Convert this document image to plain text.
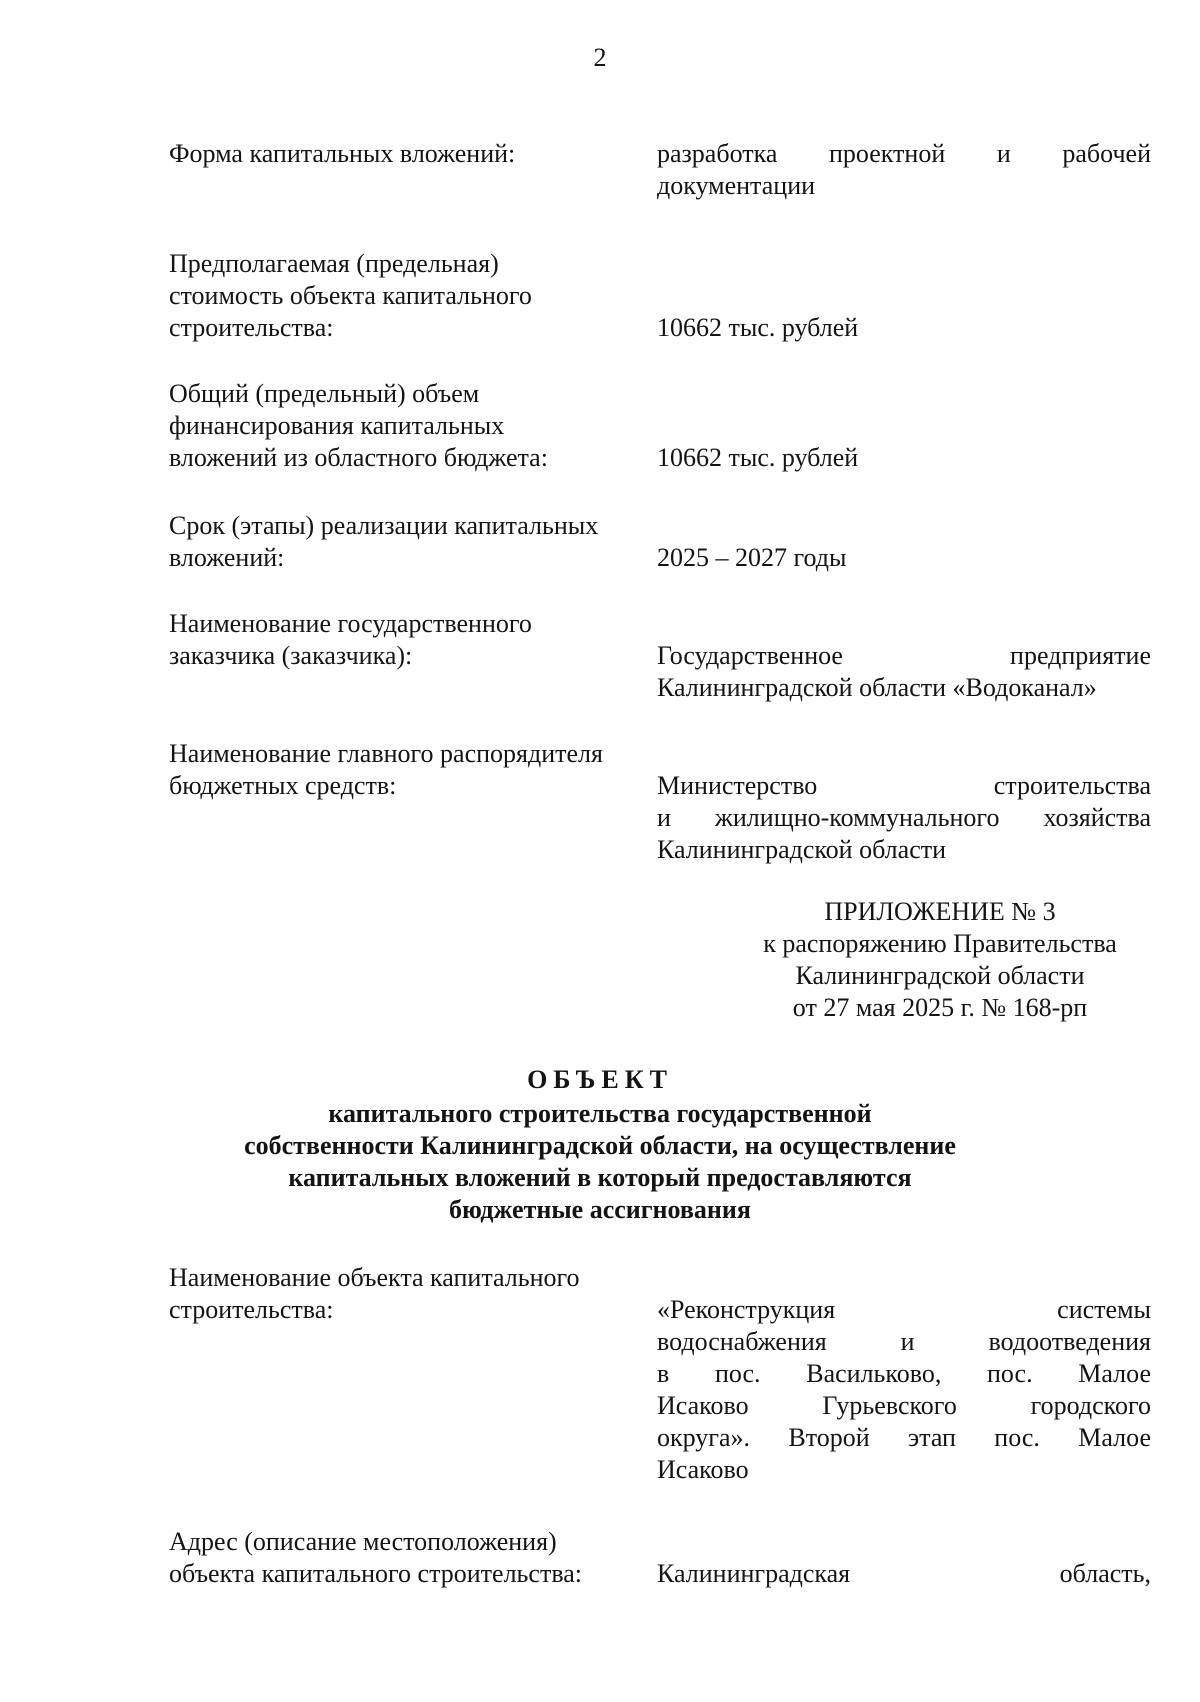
2
Форма капитальных вложений:	разработка проектной и рабочей
документации
Предполагаемая (предельная)
стоимость объекта капитального
строительства:	10662 тыс. рублей
Общий (предельный) объем
финансирования капитальных
вложений из областного бюджета:	10662 тыс. рублей
Срок (этапы) реализации капитальных
вложений:	2025 – 2027 годы
Наименование государственного
заказчика (заказчика):	Государственное предприятие
Калининградской области «Водоканал»
Наименование главного распорядителя
бюджетных средств:	Министерство строительства
и жилищно-коммунального хозяйства
Калининградской области
ПРИЛОЖЕНИЕ № 3
к распоряжению Правительства
Калининградской области
от 27 мая 2025 г. № 168-рп
ОБЪЕКТ
капитального строительства государственной
собственности Калининградской области, на осуществление
капитальных вложений в который предоставляются
бюджетные ассигнования
Наименование объекта капитального
строительства:	«Реконструкция системы
водоснабжения и водоотведения
в пос. Васильково, пос. Малое
Исаково Гурьевского городского
округа». Второй этап пос. Малое
Исаково
Адрес (описание местоположения)
объекта капитального строительства:	Калининградская область,
